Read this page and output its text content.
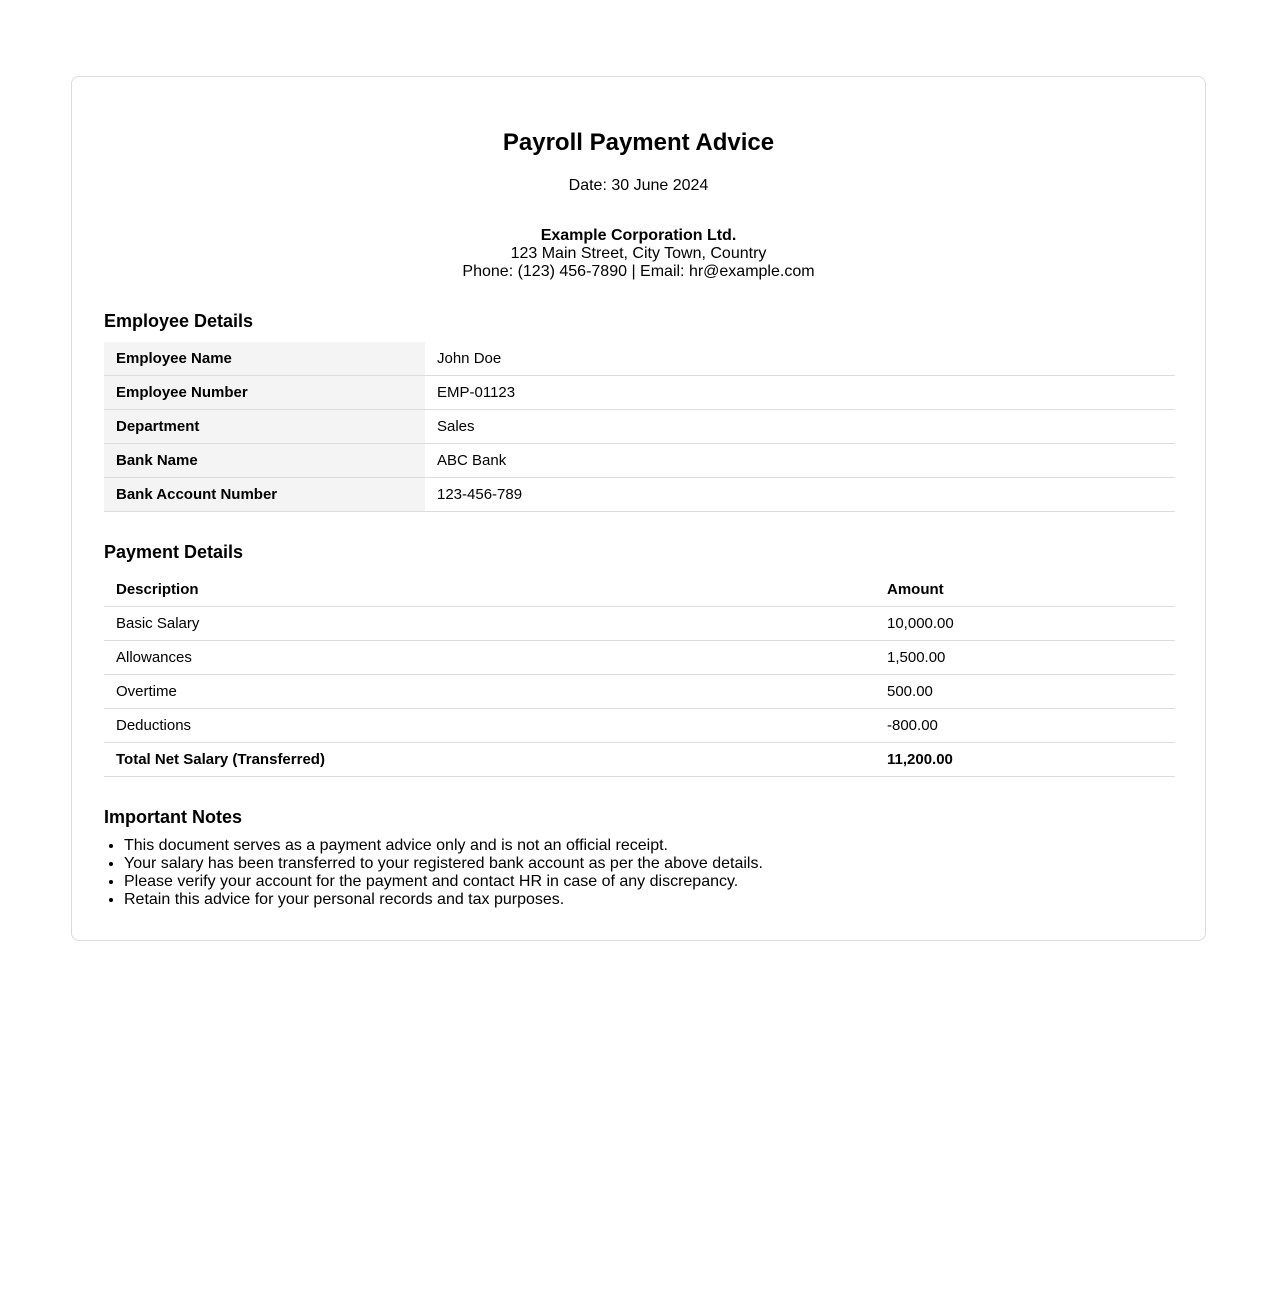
Payroll Payment Advice
Date: 30 June 2024
Example Corporation Ltd.
123 Main Street, City Town, Country
Phone: (123) 456-7890 | Email: hr@example.com
Employee Details
Employee Name	John Doe
Employee Number	EMP-01123
Department	Sales
Bank Name	ABC Bank
Bank Account Number	123-456-789
Payment Details
Description	Amount
Basic Salary	10,000.00
Allowances	1,500.00
Overtime	500.00
Deductions	-800.00
Total Net Salary (Transferred)	11,200.00
Important Notes
• This document serves as a payment advice only and is not an official receipt.
• Your salary has been transferred to your registered bank account as per the above details.
• Please verify your account for the payment and contact HR in case of any discrepancy.
• Retain this advice for your personal records and tax purposes.
